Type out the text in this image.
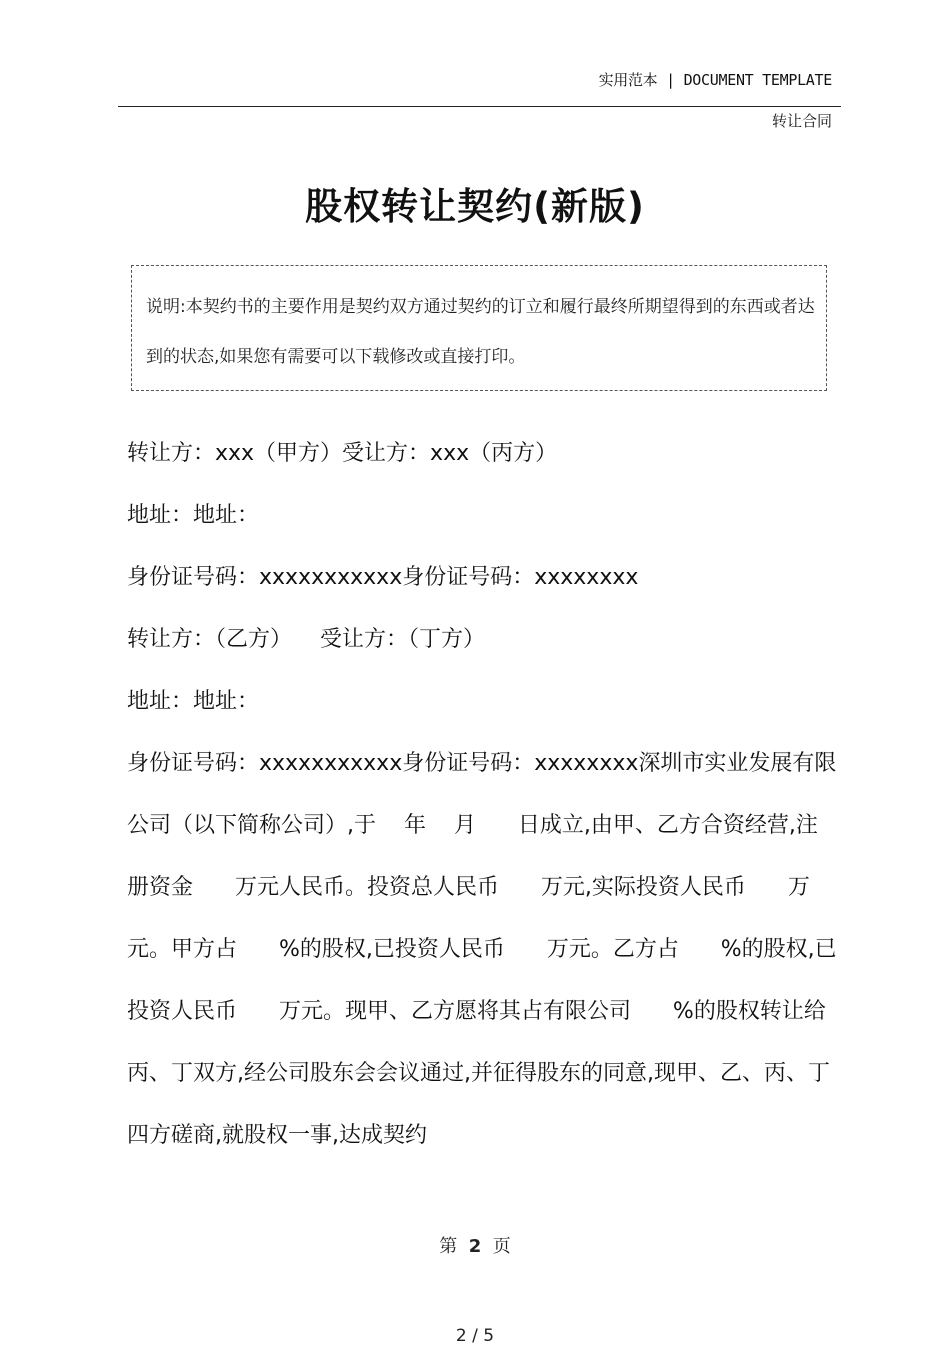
实用范本 | DOCUMENT TEMPLATE
转让合同
股权转让契约(新版)
说明:本契约书的主要作用是契约双方通过契约的订立和履行最终所期望得到的东西或者达到的状态,如果您有需要可以下载修改或直接打印。

转让方：xxx（甲方）受让方：xxx（丙方）

地址：地址：

身份证号码：xxxxxxxxxxx身份证号码：xxxxxxxx

转让方：（乙方）    受让方：（丁方）

地址：地址：

身份证号码：xxxxxxxxxxx身份证号码：xxxxxxxx深圳市实业发展有限公司（以下简称公司）,于    年    月      日成立,由甲、乙方合资经营,注册资金      万元人民币。投资总人民币      万元,实际投资人民币      万元。甲方占      %的股权,已投资人民币      万元。乙方占      %的股权,已投资人民币      万元。现甲、乙方愿将其占有限公司      %的股权转让给丙、丁双方,经公司股东会会议通过,并征得股东的同意,现甲、乙、丙、丁四方磋商,就股权一事,达成契约

第 2 页
2 / 5
